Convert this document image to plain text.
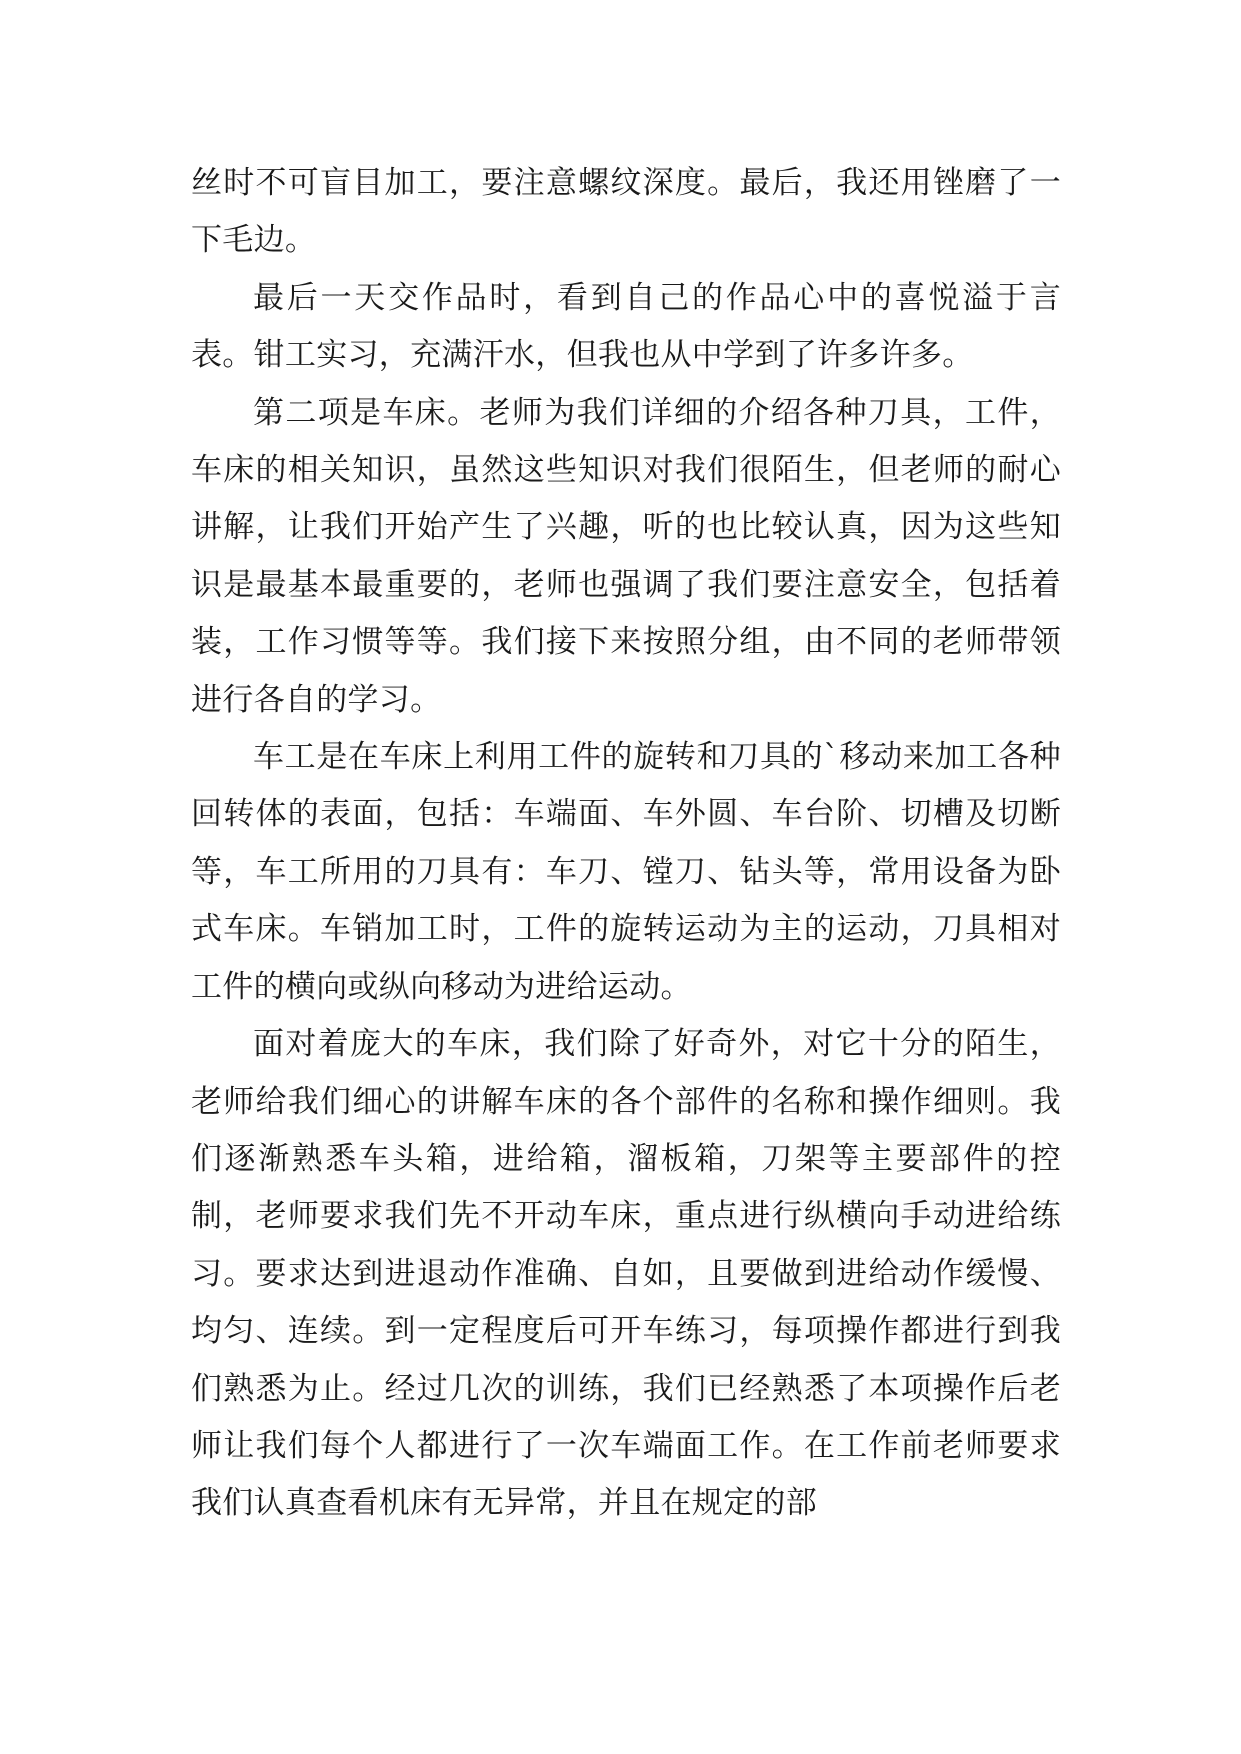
丝时不可盲目加工，要注意螺纹深度。最后，我还用锉磨了一下毛边。

最后一天交作品时，看到自己的作品心中的喜悦溢于言表。钳工实习，充满汗水，但我也从中学到了许多许多。

第二项是车床。老师为我们详细的介绍各种刀具，工件，车床的相关知识，虽然这些知识对我们很陌生，但老师的耐心讲解，让我们开始产生了兴趣，听的也比较认真，因为这些知识是最基本最重要的，老师也强调了我们要注意安全，包括着装，工作习惯等等。我们接下来按照分组，由不同的老师带领进行各自的学习。

车工是在车床上利用工件的旋转和刀具的`移动来加工各种回转体的表面，包括：车端面、车外圆、车台阶、切槽及切断等，车工所用的刀具有：车刀、镗刀、钻头等，常用设备为卧式车床。车销加工时，工件的旋转运动为主的运动，刀具相对工件的横向或纵向移动为进给运动。

面对着庞大的车床，我们除了好奇外，对它十分的陌生，老师给我们细心的讲解车床的各个部件的名称和操作细则。我们逐渐熟悉车头箱，进给箱，溜板箱，刀架等主要部件的控制，老师要求我们先不开动车床，重点进行纵横向手动进给练习。要求达到进退动作准确、自如，且要做到进给动作缓慢、均匀、连续。到一定程度后可开车练习，每项操作都进行到我们熟悉为止。经过几次的训练，我们已经熟悉了本项操作后老师让我们每个人都进行了一次车端面工作。在工作前老师要求我们认真查看机床有无异常，并且在规定的部
